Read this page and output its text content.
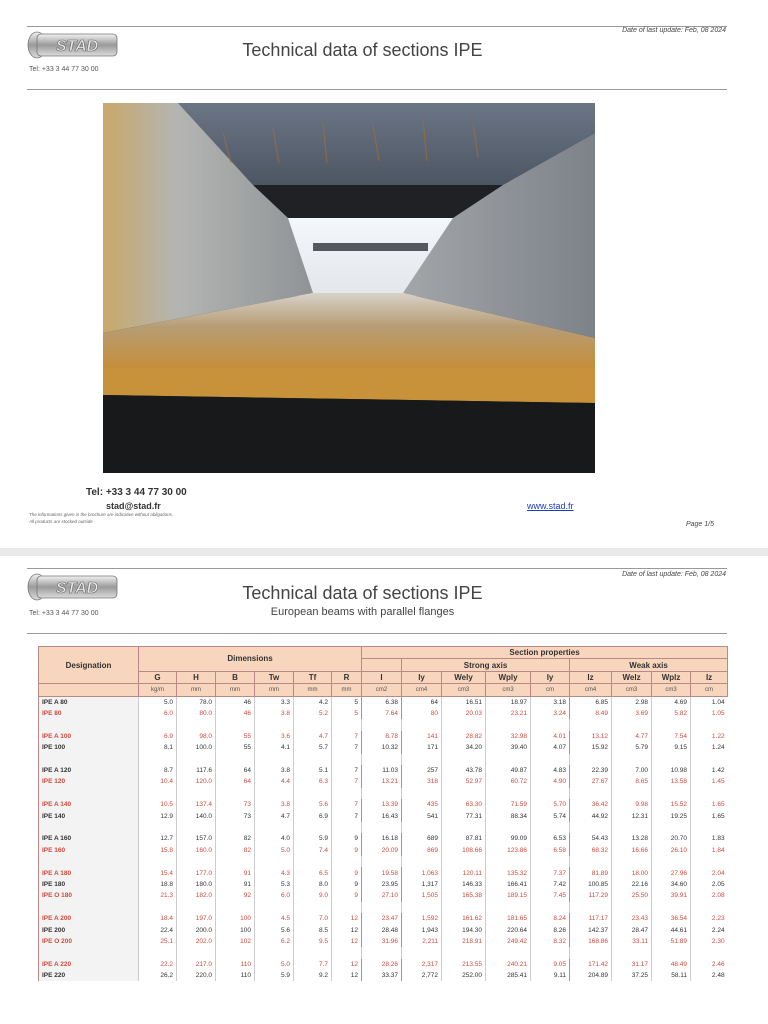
STAD
Tel: +33 3 44 77 30 00
Date of last update: Feb, 08 2024
Technical data of sections IPE
Tel: +33 3 44 77 30 00
stad@stad.fr
The informations given in the brochure are indicative without obligations.
All products are stocked outside
www.stad.fr
Page 1/5
STAD
Tel: +33 3 44 77 30 00
Date of last update: Feb, 08 2024
Technical data of sections IPE
European beams with parallel flanges
Designation	Dimensions						Section properties								
								Strong axis				Weak axis			
	G	H	B	Tw	Tf	R	I	Iy	Wely	Wply	Iy	Iz	Welz	Wplz	Iz
	kg/m	mm	mm	mm	mm	mm	cm2	cm4	cm3	cm3	cm	cm4	cm3	cm3	cm
IPE A 80	5.0	78.0	46	3.3	4.2	5	6.38	64	16.51	18.97	3.18	6.85	2.98	4.69	1.04
IPE 80	6.0	80.0	46	3.8	5.2	5	7.64	80	20.03	23.21	3.24	8.49	3.69	5.82	1.05

IPE A 100	6.9	98.0	55	3.6	4.7	7	8.78	141	28.82	32.98	4.01	13.12	4.77	7.54	1.22
IPE 100	8.1	100.0	55	4.1	5.7	7	10.32	171	34.20	39.40	4.07	15.92	5.79	9.15	1.24

IPE A 120	8.7	117.6	64	3.8	5.1	7	11.03	257	43.78	49.87	4.83	22.39	7.00	10.98	1.42
IPE 120	10.4	120.0	64	4.4	6.3	7	13.21	318	52.97	60.72	4.90	27.67	8.65	13.58	1.45

IPE A 140	10.5	137.4	73	3.8	5.6	7	13.39	435	63.30	71.59	5.70	36.42	9.98	15.52	1.65
IPE 140	12.9	140.0	73	4.7	6.9	7	16.43	541	77.31	88.34	5.74	44.92	12.31	19.25	1.65

IPE A 160	12.7	157.0	82	4.0	5.9	9	16.18	689	87.81	99.09	6.53	54.43	13.28	20.70	1.83
IPE 160	15.8	160.0	82	5.0	7.4	9	20.09	869	108.66	123.86	6.58	68.32	16.66	26.10	1.84

IPE A 180	15.4	177.0	91	4.3	6.5	9	19.58	1,063	120.11	135.32	7.37	81.89	18.00	27.96	2.04
IPE 180	18.8	180.0	91	5.3	8.0	9	23.95	1,317	146.33	166.41	7.42	100.85	22.16	34.60	2.05
IPE O 180	21.3	182.0	92	6.0	9.0	9	27.10	1,505	165.38	189.15	7.45	117.29	25.50	39.91	2.08

IPE A 200	18.4	197.0	100	4.5	7.0	12	23.47	1,592	161.62	181.65	8.24	117.17	23.43	36.54	2.23
IPE 200	22.4	200.0	100	5.6	8.5	12	28.48	1,943	194.30	220.64	8.26	142.37	28.47	44.61	2.24
IPE O 200	25.1	202.0	102	6.2	9.5	12	31.96	2,211	218.91	249.42	8.32	168.86	33.11	51.89	2.30

IPE A 220	22.2	217.0	110	5.0	7.7	12	28.26	2,317	213.55	240.21	9.05	171.42	31.17	48.49	2.46
IPE 220	26.2	220.0	110	5.9	9.2	12	33.37	2,772	252.00	285.41	9.11	204.89	37.25	58.11	2.48
